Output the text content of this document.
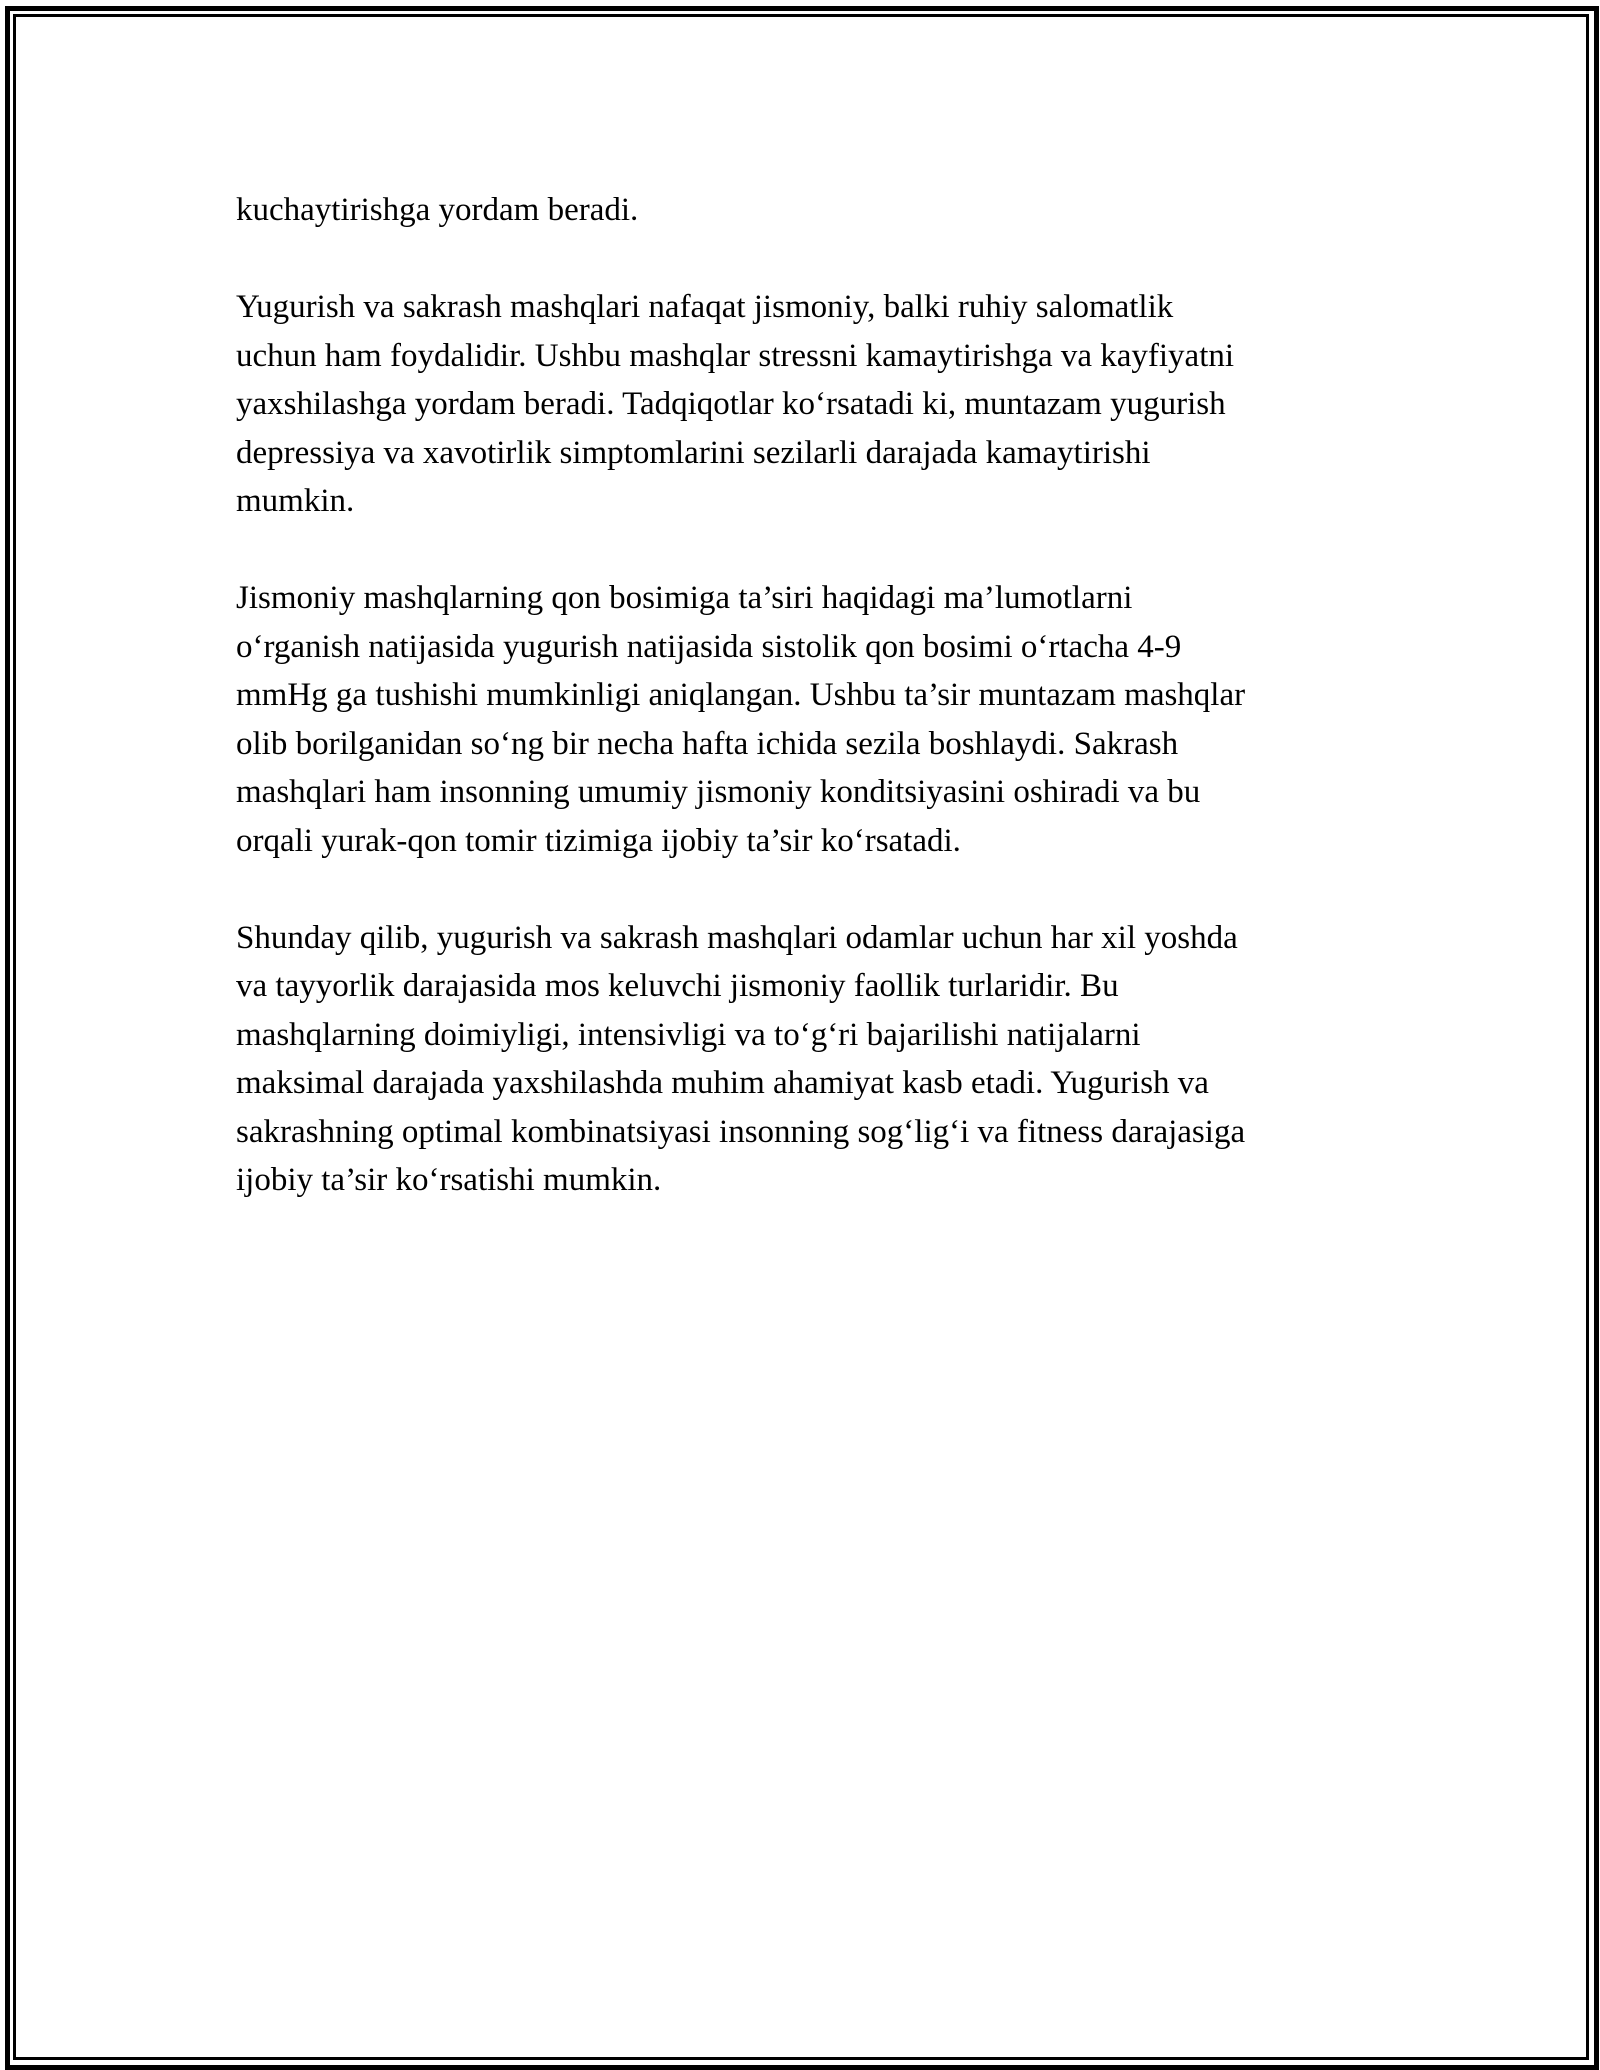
kuchaytirishga yordam beradi.

Yugurish va sakrash mashqlari nafaqat jismoniy, balki ruhiy salomatlik
uchun ham foydalidir. Ushbu mashqlar stressni kamaytirishga va kayfiyatni
yaxshilashga yordam beradi. Tadqiqotlar ko‘rsatadi ki, muntazam yugurish
depressiya va xavotirlik simptomlarini sezilarli darajada kamaytirishi
mumkin.

Jismoniy mashqlarning qon bosimiga ta’siri haqidagi ma’lumotlarni
o‘rganish natijasida yugurish natijasida sistolik qon bosimi o‘rtacha 4-9
mmHg ga tushishi mumkinligi aniqlangan. Ushbu ta’sir muntazam mashqlar
olib borilganidan so‘ng bir necha hafta ichida sezila boshlaydi. Sakrash
mashqlari ham insonning umumiy jismoniy konditsiyasini oshiradi va bu
orqali yurak-qon tomir tizimiga ijobiy ta’sir ko‘rsatadi.

Shunday qilib, yugurish va sakrash mashqlari odamlar uchun har xil yoshda
va tayyorlik darajasida mos keluvchi jismoniy faollik turlaridir. Bu
mashqlarning doimiyligi, intensivligi va to‘g‘ri bajarilishi natijalarni
maksimal darajada yaxshilashda muhim ahamiyat kasb etadi. Yugurish va
sakrashning optimal kombinatsiyasi insonning sog‘lig‘i va fitness darajasiga
ijobiy ta’sir ko‘rsatishi mumkin.
